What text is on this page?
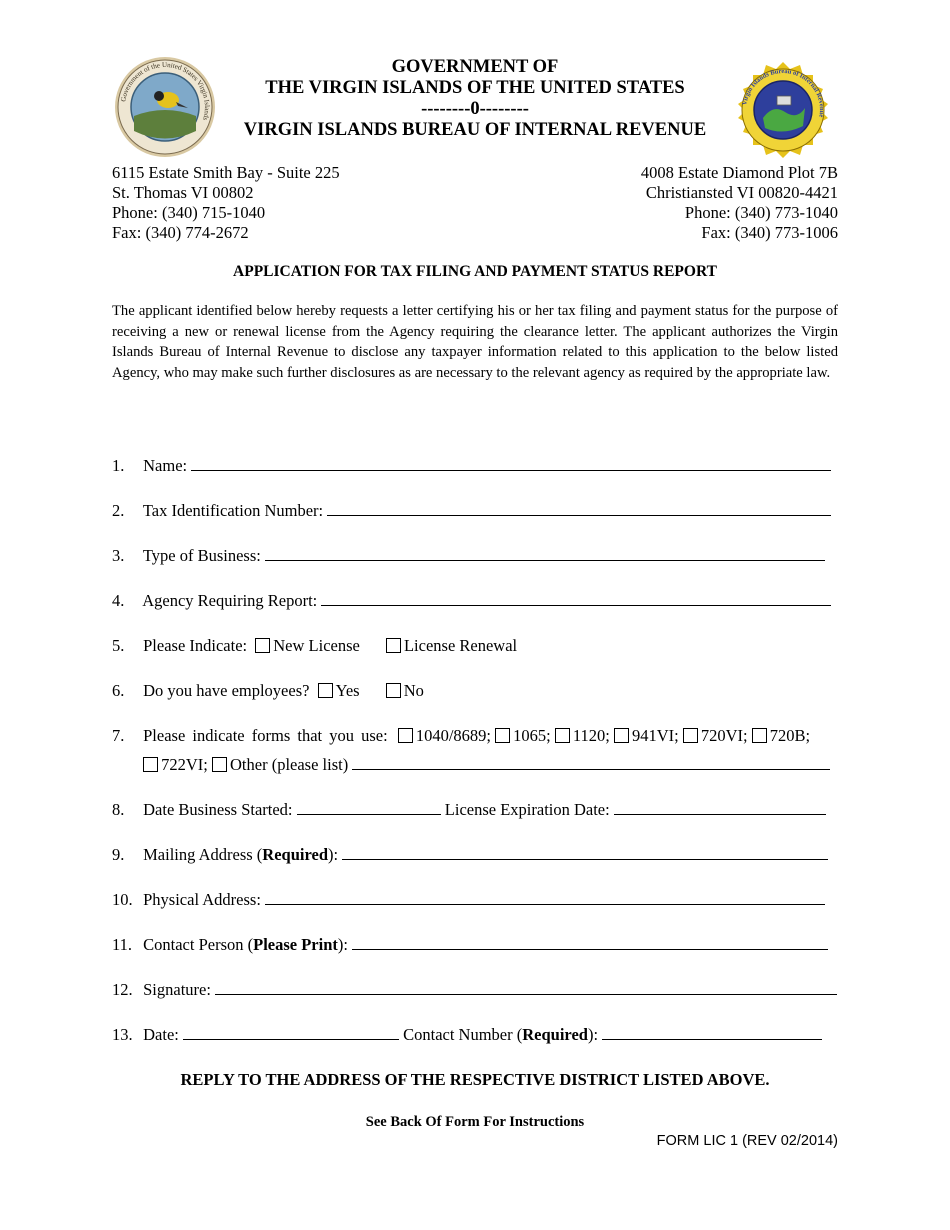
Government of the United States Virgin Islands
Virgin Islands Bureau of Internal Revenue
GOVERNMENT OF
THE VIRGIN ISLANDS OF THE UNITED STATES
--------0--------
VIRGIN ISLANDS BUREAU OF INTERNAL REVENUE
6115 Estate Smith Bay - Suite 225
St. Thomas VI 00802
Phone: (340) 715-1040
Fax: (340) 774-2672
4008 Estate Diamond Plot 7B
Christiansted VI 00820-4421
Phone: (340) 773-1040
Fax: (340) 773-1006
APPLICATION FOR TAX FILING AND PAYMENT STATUS REPORT
The applicant identified below hereby requests a letter certifying his or her tax filing and payment status for the purpose of receiving a new or renewal license from the Agency requiring the clearance letter. The applicant authorizes the Virgin Islands Bureau of Internal Revenue to disclose any taxpayer information related to this application to the below listed Agency, who may make such further disclosures as are necessary to the relevant agency as required by the appropriate law.
1. Name:
2. Tax Identification Number:
3. Type of Business:
4. Agency Requiring Report:
5. Please Indicate: New License	License Renewal
6. Do you have employees? Yes	No
7. Please indicate forms that you use: 1040/8689; 1065; 1120; 941VI; 720VI; 720B;
722VI; Other (please list)
8. Date Business Started:	License Expiration Date:
9. Mailing Address (Required):
10. Physical Address:
11. Contact Person (Please Print):
12. Signature:
13. Date:	Contact Number (Required):
REPLY TO THE ADDRESS OF THE RESPECTIVE DISTRICT LISTED ABOVE.
See Back Of Form For Instructions
FORM LIC 1 (REV 02/2014)
